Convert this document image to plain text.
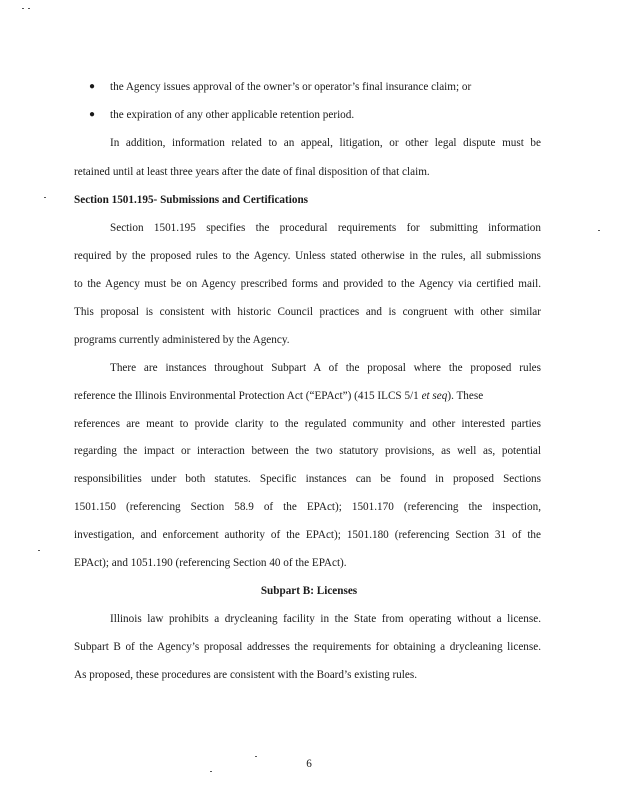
● the Agency issues approval of the owner’s or operator’s final insurance claim; or
● the expiration of any other applicable retention period.
In addition, information related to an appeal, litigation, or other legal dispute must be
retained until at least three years after the date of final disposition of that claim.
Section 1501.195- Submissions and Certifications
Section 1501.195 specifies the procedural requirements for submitting information
required by the proposed rules to the Agency. Unless stated otherwise in the rules, all submissions
to the Agency must be on Agency prescribed forms and provided to the Agency via certified mail.
This proposal is consistent with historic Council practices and is congruent with other similar
programs currently administered by the Agency.
There are instances throughout Subpart A of the proposal where the proposed rules
reference the Illinois Environmental Protection Act (“EPAct”) (415 ILCS 5/1 et seq). These
references are meant to provide clarity to the regulated community and other interested parties
regarding the impact or interaction between the two statutory provisions, as well as, potential
responsibilities under both statutes. Specific instances can be found in proposed Sections
1501.150 (referencing Section 58.9 of the EPAct); 1501.170 (referencing the inspection,
investigation, and enforcement authority of the EPAct); 1501.180 (referencing Section 31 of the
EPAct); and 1051.190 (referencing Section 40 of the EPAct).
Subpart B: Licenses
Illinois law prohibits a drycleaning facility in the State from operating without a license.
Subpart B of the Agency’s proposal addresses the requirements for obtaining a drycleaning license.
As proposed, these procedures are consistent with the Board’s existing rules.
6
